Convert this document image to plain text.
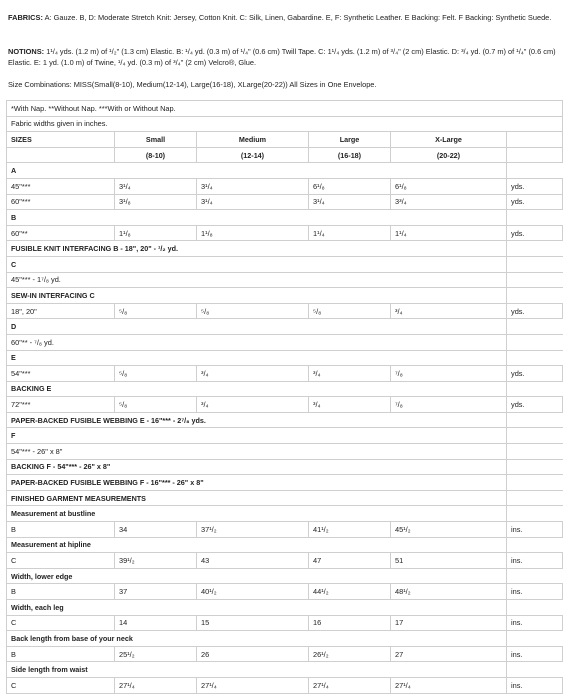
FABRICS: A: Gauze. B, D: Moderate Stretch Knit: Jersey, Cotton Knit. C: Silk, Linen, Gabardine. E, F: Synthetic Leather. E Backing: Felt. F Backing: Synthetic Suede.

NOTIONS: 1¹/₄ yds. (1.2 m) of ¹/₂" (1.3 cm) Elastic. B: ¹/₄ yd. (0.3 m) of ¹/₄" (0.6 cm) Twill Tape. C: 1¹/₄ yds. (1.2 m) of ³/₄" (2 cm) Elastic. D: ³/₄ yd. (0.7 m) of ¹/₄" (0.6 cm) Elastic. E: 1 yd. (1.0 m) of Twine, ¹/₄ yd. (0.3 m) of ³/₄" (2 cm) Velcro®, Glue.

Size Combinations: MISS(Small(8-10), Medium(12-14), Large(16-18), XLarge(20-22)) All Sizes in One Envelope.
*With Nap. **Without Nap. ***With or Without Nap.					
Fabric widths given in inches.					
SIZES	Small	Medium	Large	X-Large	
	(8-10)	(12-14)	(16-18)	(20-22)	
A					
45"***	3¹/₄	3¹/₄	6¹/₈	6¹/₈	yds.
60"***	3¹/₈	3¹/₄	3¹/₄	3³/₄	yds.
B					
60"**	1¹/₈	1¹/₈	1¹/₄	1¹/₄	yds.
FUSIBLE KNIT INTERFACING B - 18", 20" - ¹/₂ yd.					
C					
45"*** - 1⁷/₈ yd.					
SEW-IN INTERFACING C					
18", 20"	⁵/₈	⁵/₈	⁵/₈	³/₄	yds.
D					
60"** - ⁷/₈ yd.					
E					
54"***	⁵/₈	³/₄	³/₄	⁷/₈	yds.
BACKING E					
72"***	⁵/₈	³/₄	³/₄	⁷/₈	yds.
PAPER-BACKED FUSIBLE WEBBING E - 16"*** - 2⁷/₈ yds.					
F					
54"*** - 26" x 8"					
BACKING F - 54"*** - 26" x 8"					
PAPER-BACKED FUSIBLE WEBBING F - 16"*** - 26" x 8"					
FINISHED GARMENT MEASUREMENTS					
Measurement at bustline					
B	34	37¹/₂	41¹/₂	45¹/₂	ins.
Measurement at hipline					
C	39¹/₂	43	47	51	ins.
Width, lower edge					
B	37	40¹/₂	44¹/₂	48¹/₂	ins.
Width, each leg					
C	14	15	16	17	ins.
Back length from base of your neck					
B	25¹/₂	26	26¹/₂	27	ins.
Side length from waist					
C	27¹/₄	27¹/₄	27¹/₄	27¹/₄	ins.
